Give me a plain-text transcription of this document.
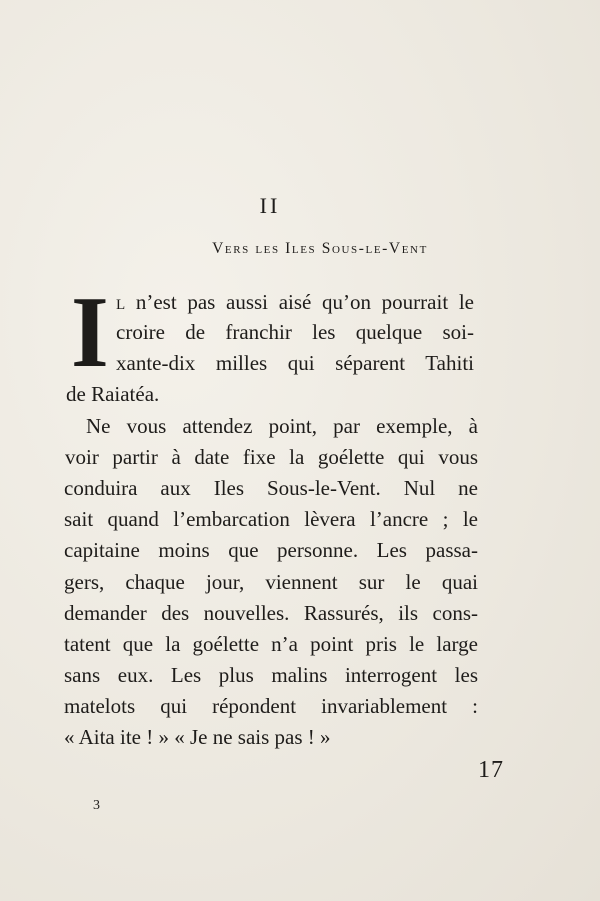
II
Vers les Iles Sous-le-Vent
I l n’est pas aussi aisé qu’on pourrait le
croire de franchir les quelque soi-
xante-dix milles qui séparent Tahiti
de Raiatéa.
Ne vous attendez point, par exemple, à
voir partir à date fixe la goélette qui vous
conduira aux Iles Sous-le-Vent. Nul ne
sait quand l’embarcation lèvera l’ancre ; le
capitaine moins que personne. Les passa-
gers, chaque jour, viennent sur le quai
demander des nouvelles. Rassurés, ils cons-
tatent que la goélette n’a point pris le large
sans eux. Les plus malins interrogent les
matelots qui répondent invariablement :
« Aita ite ! » « Je ne sais pas ! »
17
3
